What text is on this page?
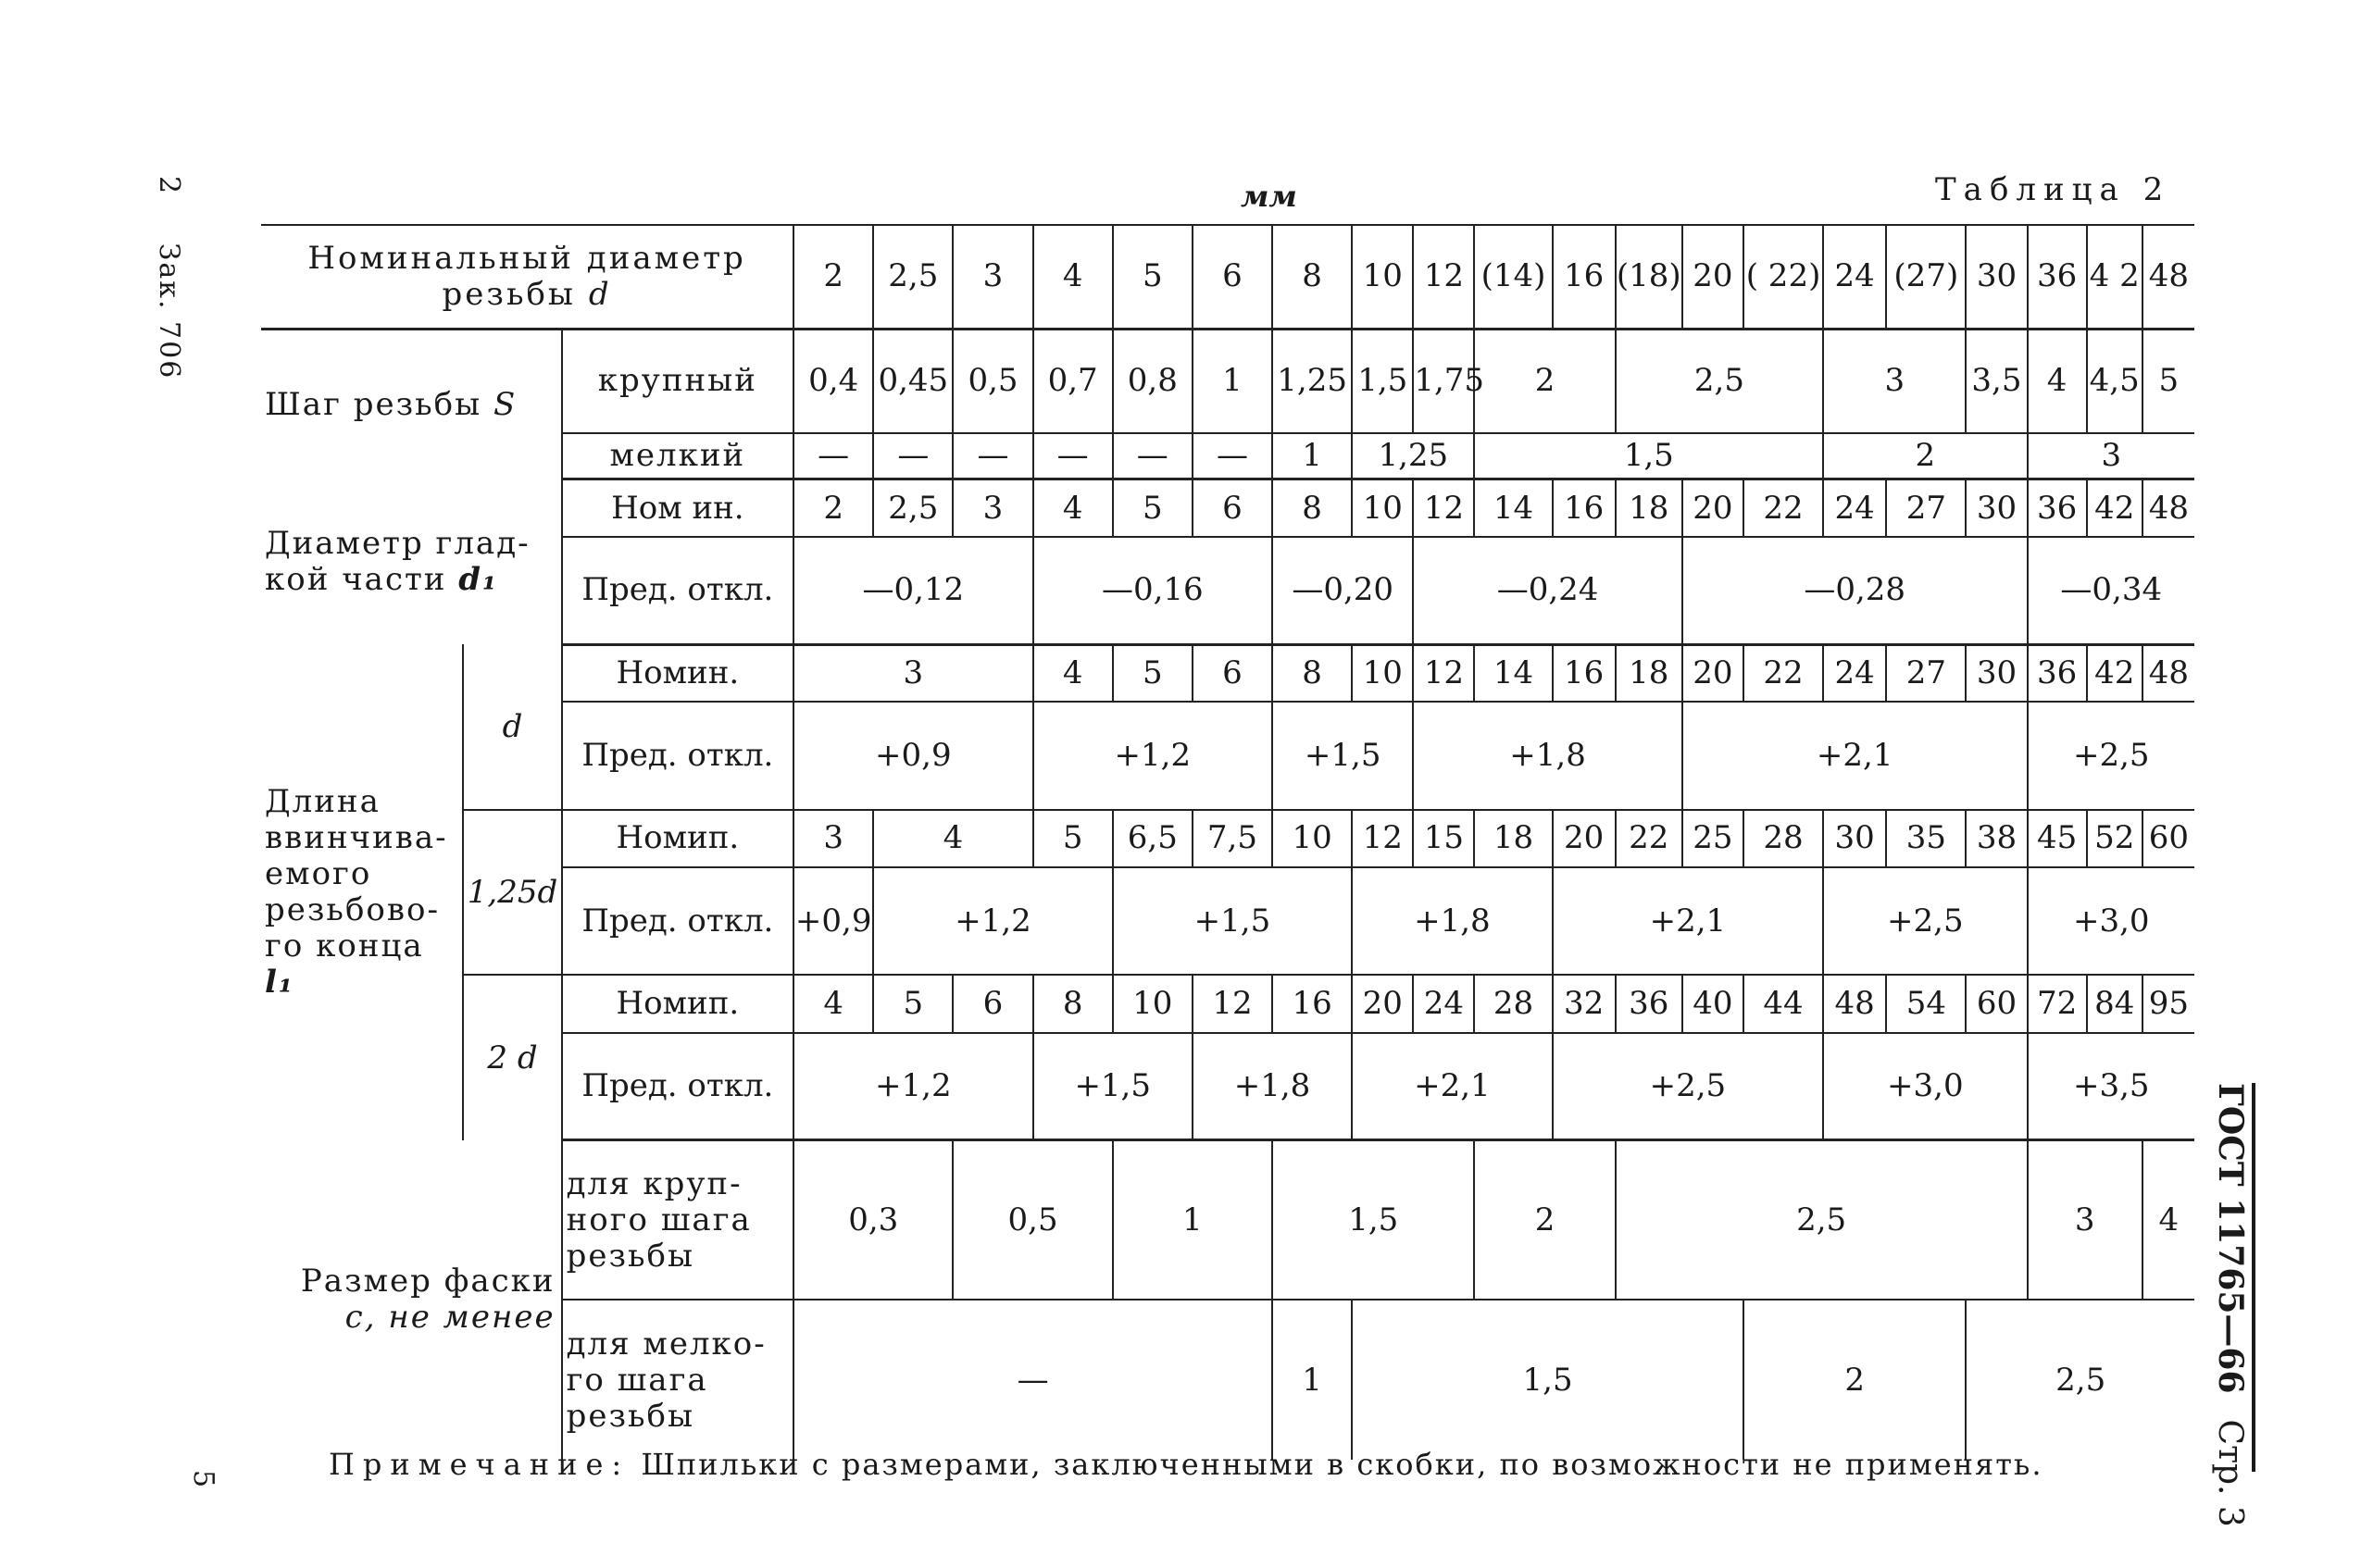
2 Зак. 706
5
ГОСТ 11765—66Стр. 3
мм	Таблица 2
Номинальный диаметр резьбы d			2	2,5	3	4	5	6	8	10	12	(14)	16	(18)	20	( 22)	24	(27)	30	36	4 2	48
Шаг резьбы S		крупный	0,4	0,45	0,5	0,7	0,8	1	1,25	1,5	1,75	2		2,5			3		3,5	4	4,5	5
		мелкий	—	—	—	—	—	—	1	1,25		1,5					2			3		
Диаметр глад-кой части d₁		Ном ин.	2	2,5	3	4	5	6	8	10	12	14	16	18	20	22	24	27	30	36	42	48
		Пред. откл.	—0,12			—0,16			—0,20		—0,24				—0,28					—0,34		
Длина ввинчива-емого резьбово-го конца
l₁	d	Номин.	3			4	5	6	8	10	12	14	16	18	20	22	24	27	30	36	42	48
		Пред. откл.	+0,9			+1,2			+1,5		+1,8				+2,1					+2,5		
	1,25d	Номип.	3	4		5	6,5	7,5	10	12	15	18	20	22	25	28	30	35	38	45	52	60
		Пред. откл.	+0,9	+1,2			+1,5			+1,8			+2,1				+2,5			+3,0		
	2 d	Номип.	4	5	6	8	10	12	16	20	24	28	32	36	40	44	48	54	60	72	84	95
		Пред. откл.	+1,2			+1,5		+1,8		+2,1			+2,5				+3,0			+3,5		
Размер фаски
c, не менее		для круп-ного шага резьбы	0,3		0,5		1		1,5			2		2,5						3		4
		для мелко-го шага резьбы	—						1	1,5						2			2,5			
Примечание: Шпильки с размерами, заключенными в скобки, по возможности не применять.
